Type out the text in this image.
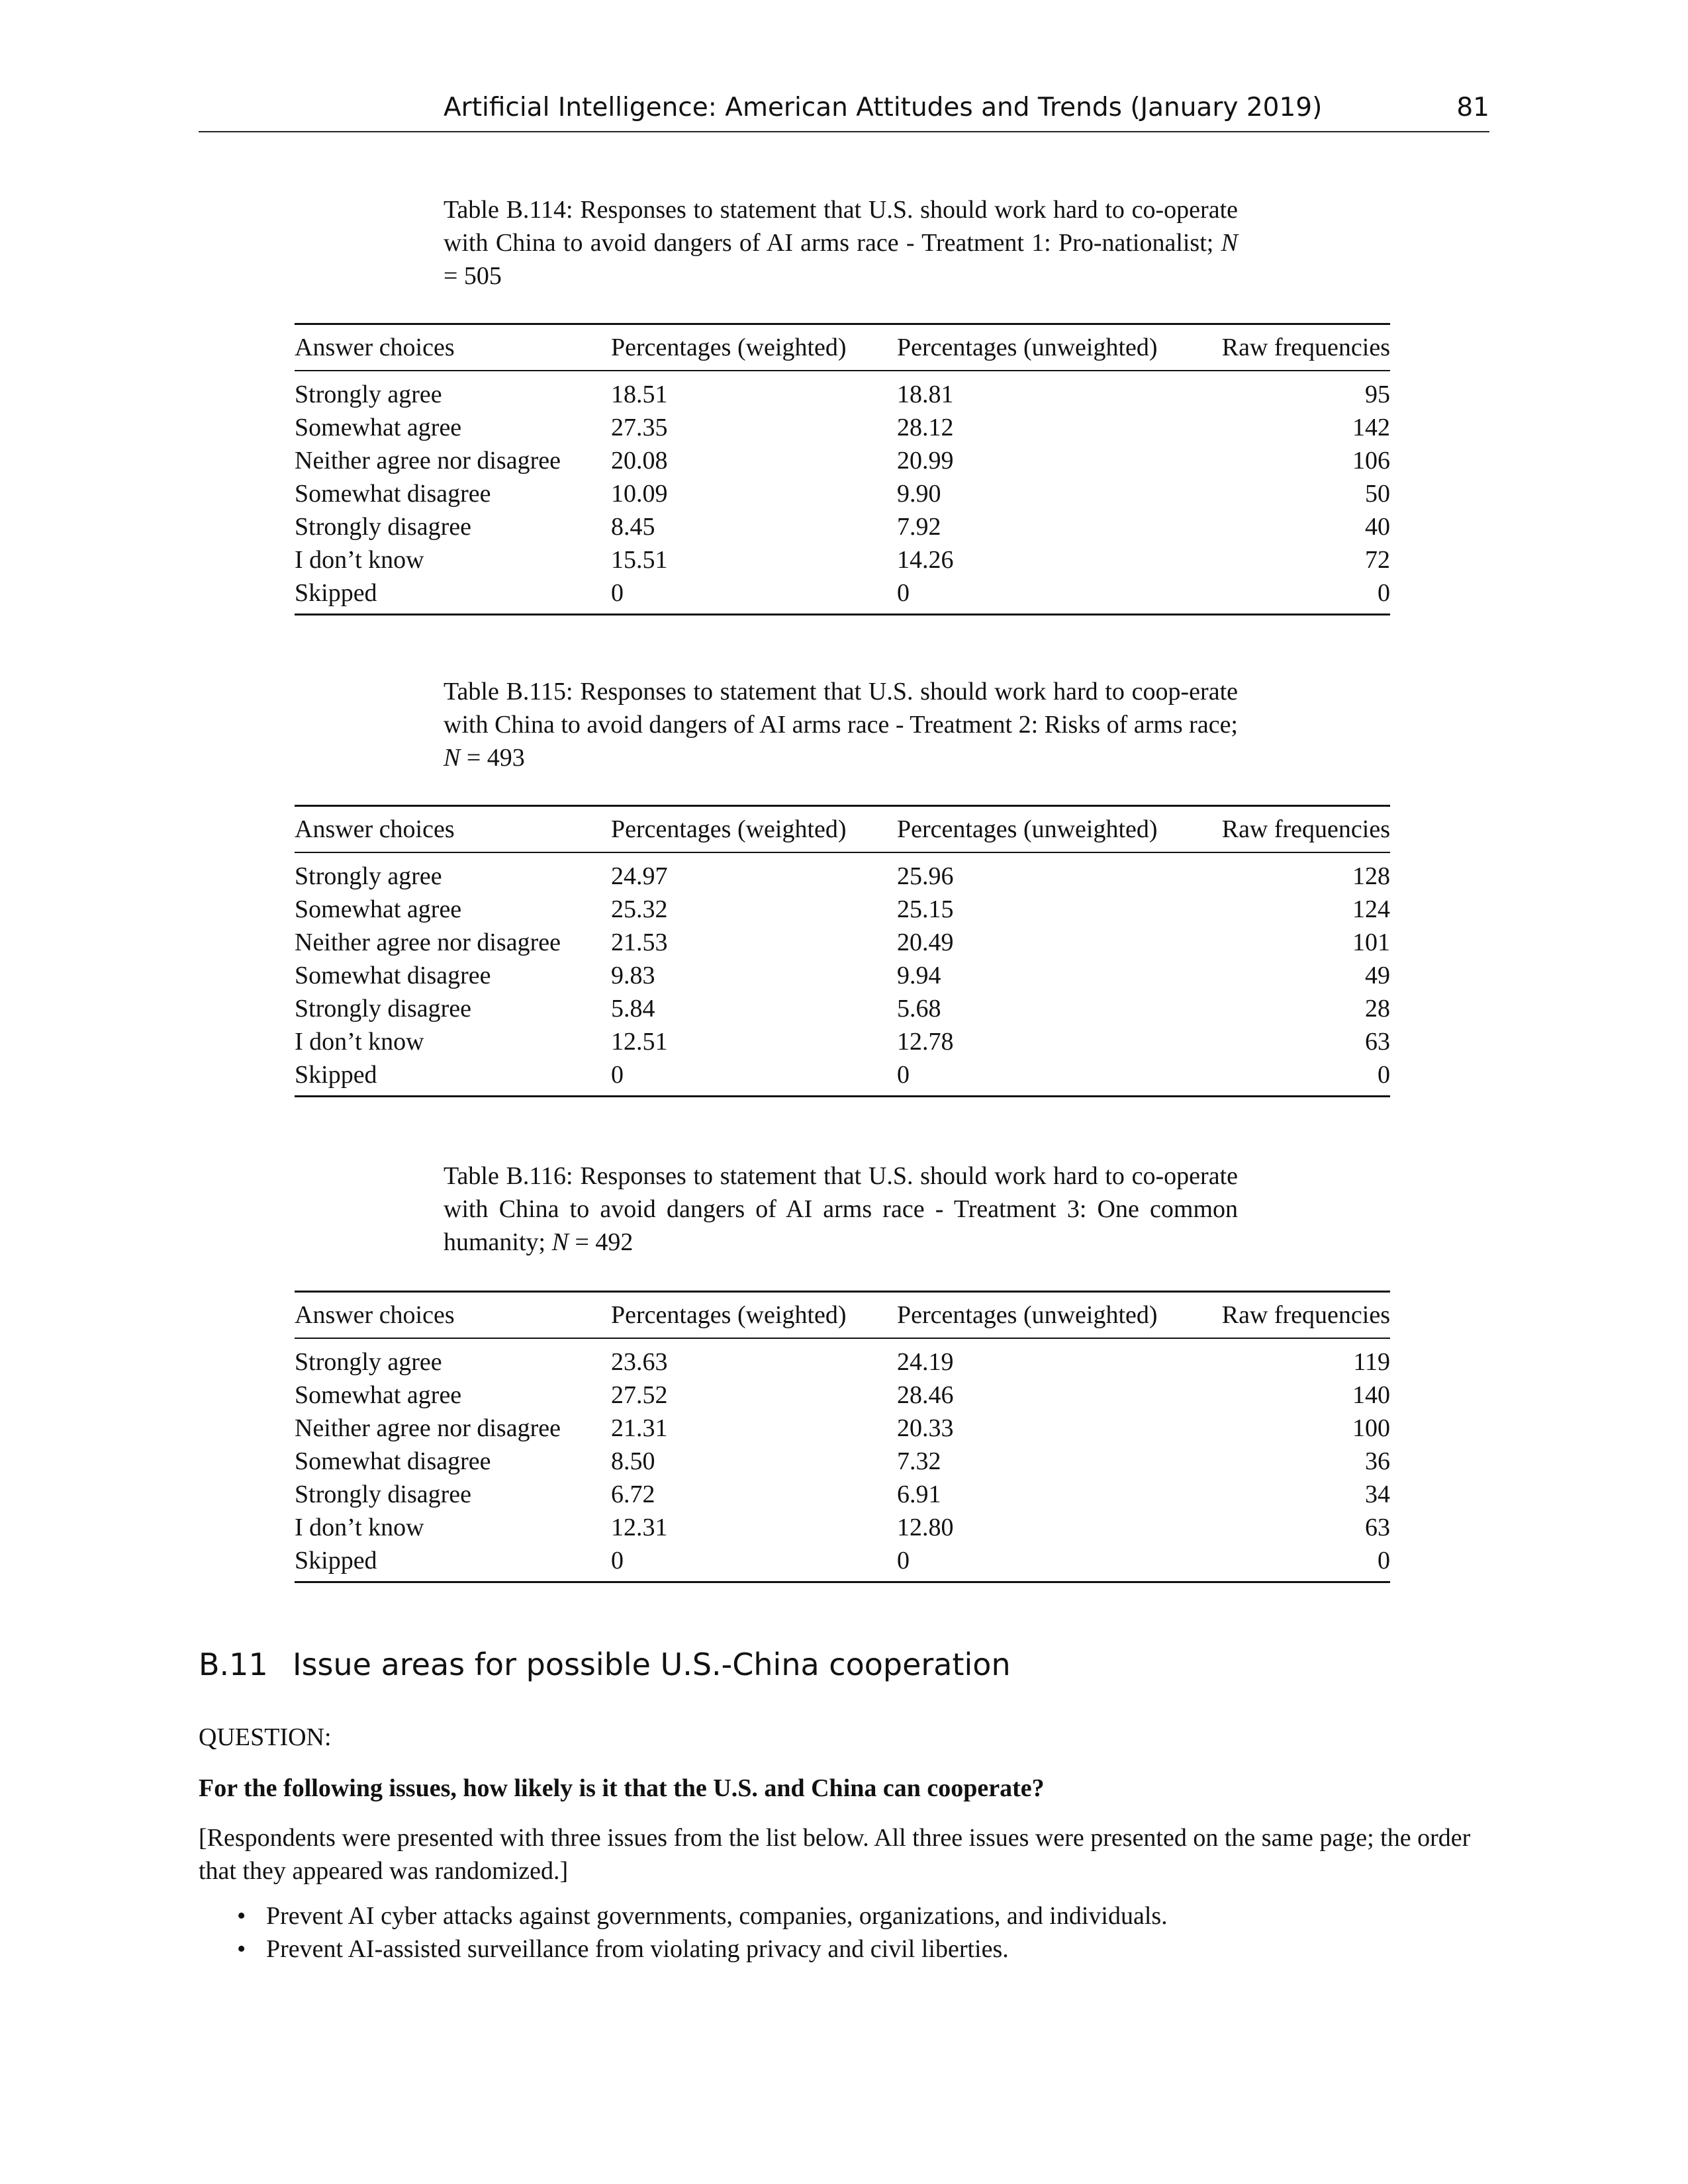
Artificial Intelligence: American Attitudes and Trends (January 2019)	81
Table B.114: Responses to statement that U.S. should work hard to co-operate with China to avoid dangers of AI arms race - Treatment 1: Pro-nationalist; N = 505
Answer choices	Percentages (weighted)	Percentages (unweighted)	Raw frequencies
Strongly agree	18.51	18.81	95
Somewhat agree	27.35	28.12	142
Neither agree nor disagree	20.08	20.99	106
Somewhat disagree	10.09	9.90	50
Strongly disagree	8.45	7.92	40
I don’t know	15.51	14.26	72
Skipped	0	0	0
Table B.115: Responses to statement that U.S. should work hard to coop-erate with China to avoid dangers of AI arms race - Treatment 2: Risks of arms race; N = 493
Answer choices	Percentages (weighted)	Percentages (unweighted)	Raw frequencies
Strongly agree	24.97	25.96	128
Somewhat agree	25.32	25.15	124
Neither agree nor disagree	21.53	20.49	101
Somewhat disagree	9.83	9.94	49
Strongly disagree	5.84	5.68	28
I don’t know	12.51	12.78	63
Skipped	0	0	0
Table B.116: Responses to statement that U.S. should work hard to co-operate with China to avoid dangers of AI arms race - Treatment 3: One common humanity; N = 492
Answer choices	Percentages (weighted)	Percentages (unweighted)	Raw frequencies
Strongly agree	23.63	24.19	119
Somewhat agree	27.52	28.46	140
Neither agree nor disagree	21.31	20.33	100
Somewhat disagree	8.50	7.32	36
Strongly disagree	6.72	6.91	34
I don’t know	12.31	12.80	63
Skipped	0	0	0
B.11 Issue areas for possible U.S.-China cooperation
QUESTION:
For the following issues, how likely is it that the U.S. and China can cooperate?
[Respondents were presented with three issues from the list below. All three issues were presented on the same page; the order that they appeared was randomized.]
• Prevent AI cyber attacks against governments, companies, organizations, and individuals.
• Prevent AI-assisted surveillance from violating privacy and civil liberties.
